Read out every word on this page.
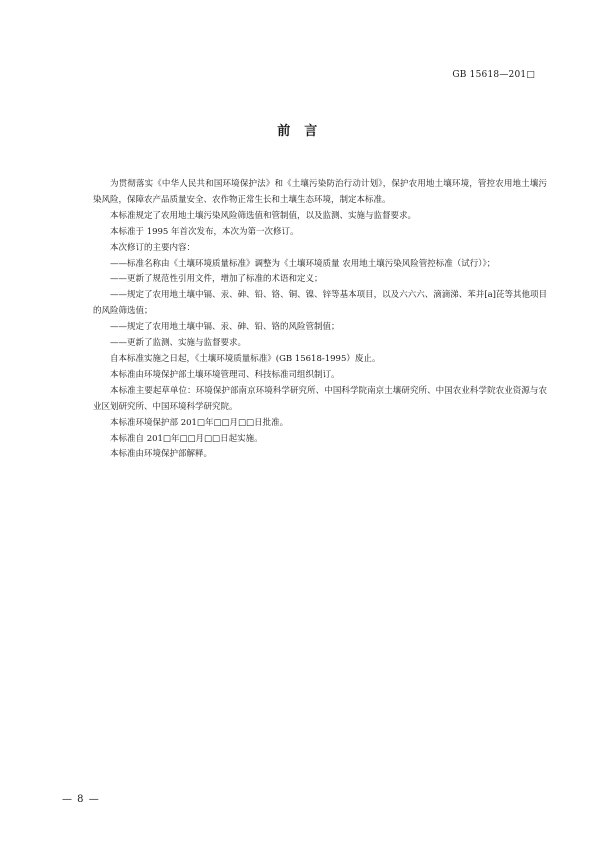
GB 15618—201□
前　言

为贯彻落实《中华人民共和国环境保护法》和《土壤污染防治行动计划》，保护农用地土壤环境，管控农用地土壤污染风险，保障农产品质量安全、农作物正常生长和土壤生态环境，制定本标准。

本标准规定了农用地土壤污染风险筛选值和管制值，以及监测、实施与监督要求。

本标准于 1995 年首次发布，本次为第一次修订。

本次修订的主要内容：

——标准名称由《土壤环境质量标准》调整为《土壤环境质量 农用地土壤污染风险管控标准（试行）》；

——更新了规范性引用文件，增加了标准的术语和定义；

——规定了农用地土壤中镉、汞、砷、铅、铬、铜、镍、锌等基本项目，以及六六六、滴滴涕、苯并[a]芘等其他项目的风险筛选值；

——规定了农用地土壤中镉、汞、砷、铅、铬的风险管制值；

——更新了监测、实施与监督要求。

自本标准实施之日起，《土壤环境质量标准》(GB 15618-1995）废止。

本标准由环境保护部土壤环境管理司、科技标准司组织制订。

本标准主要起草单位：环境保护部南京环境科学研究所、中国科学院南京土壤研究所、中国农业科学院农业资源与农业区划研究所、中国环境科学研究院。

本标准环境保护部 201□年□□月□□日批准。

本标准自 201□年□□月□□日起实施。

本标准由环境保护部解释。

— 8 —
